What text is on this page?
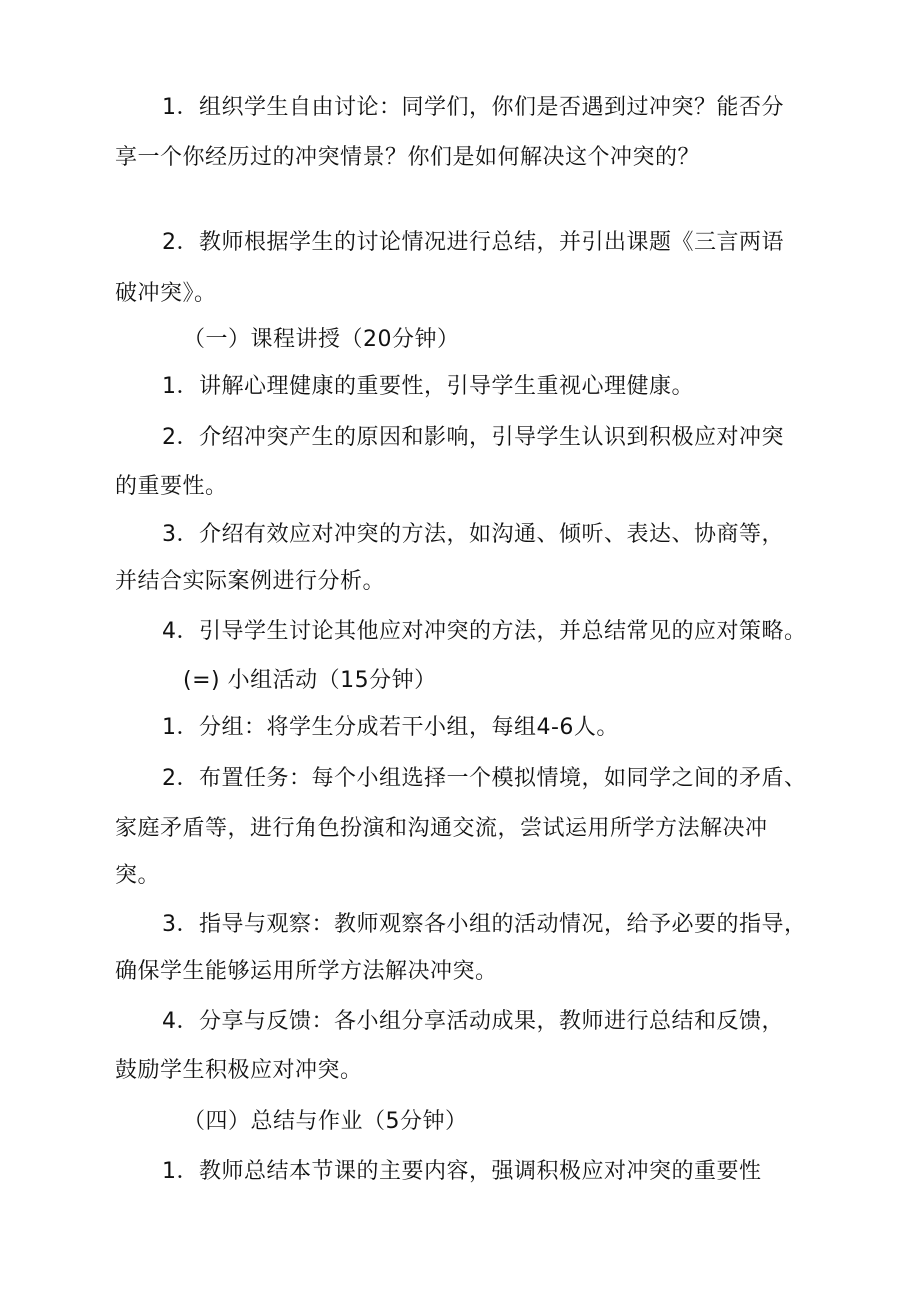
1．组织学生自由讨论：同学们，你们是否遇到过冲突？能否分
享一个你经历过的冲突情景？你们是如何解决这个冲突的？
2．教师根据学生的讨论情况进行总结，并引出课题《三言两语
破冲突》。
（一）课程讲授（20分钟）
1．讲解心理健康的重要性，引导学生重视心理健康。
2．介绍冲突产生的原因和影响，引导学生认识到积极应对冲突
的重要性。
3．介绍有效应对冲突的方法，如沟通、倾听、表达、协商等，
并结合实际案例进行分析。
4．引导学生讨论其他应对冲突的方法，并总结常见的应对策略。
(=) 小组活动（15分钟）
1．分组：将学生分成若干小组，每组4-6人。
2．布置任务：每个小组选择一个模拟情境，如同学之间的矛盾、
家庭矛盾等，进行角色扮演和沟通交流，尝试运用所学方法解决冲
突。
3．指导与观察：教师观察各小组的活动情况，给予必要的指导，
确保学生能够运用所学方法解决冲突。
4．分享与反馈：各小组分享活动成果，教师进行总结和反馈，
鼓励学生积极应对冲突。
（四）总结与作业（5分钟）
1．教师总结本节课的主要内容，强调积极应对冲突的重要性
